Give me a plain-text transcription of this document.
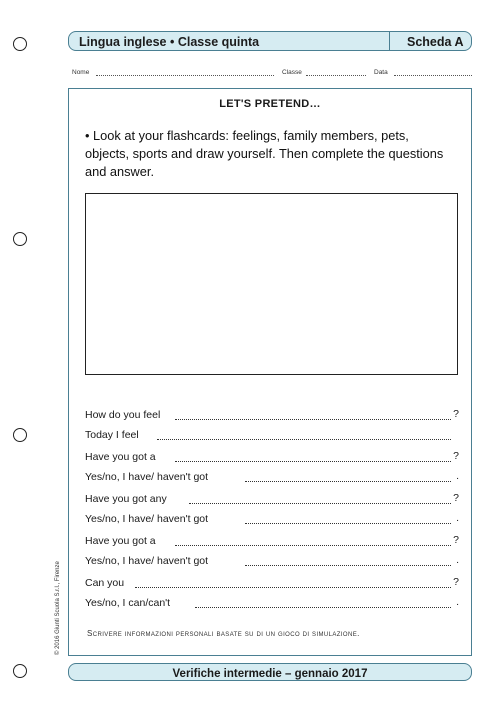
Lingua inglese • Classe quinta	Scheda A
Nome	Classe	Data
LET'S PRETEND…
• Look at your flashcards: feelings, family members, pets, objects, sports and draw yourself. Then complete the questions and answer.
How do you feel	?
Today I feel
Have you got a	?
Yes/no, I have/ haven't got	.
Have you got any	?
Yes/no, I have/ haven't got	.
Have you got a	?
Yes/no, I have/ haven't got	.
Can you	?
Yes/no, I can/can't	.
Scrivere informazioni personali basate su di un gioco di simulazione.
© 2016 Giunti Scuola S.r.l., Firenze
Verifiche intermedie – gennaio 2017
